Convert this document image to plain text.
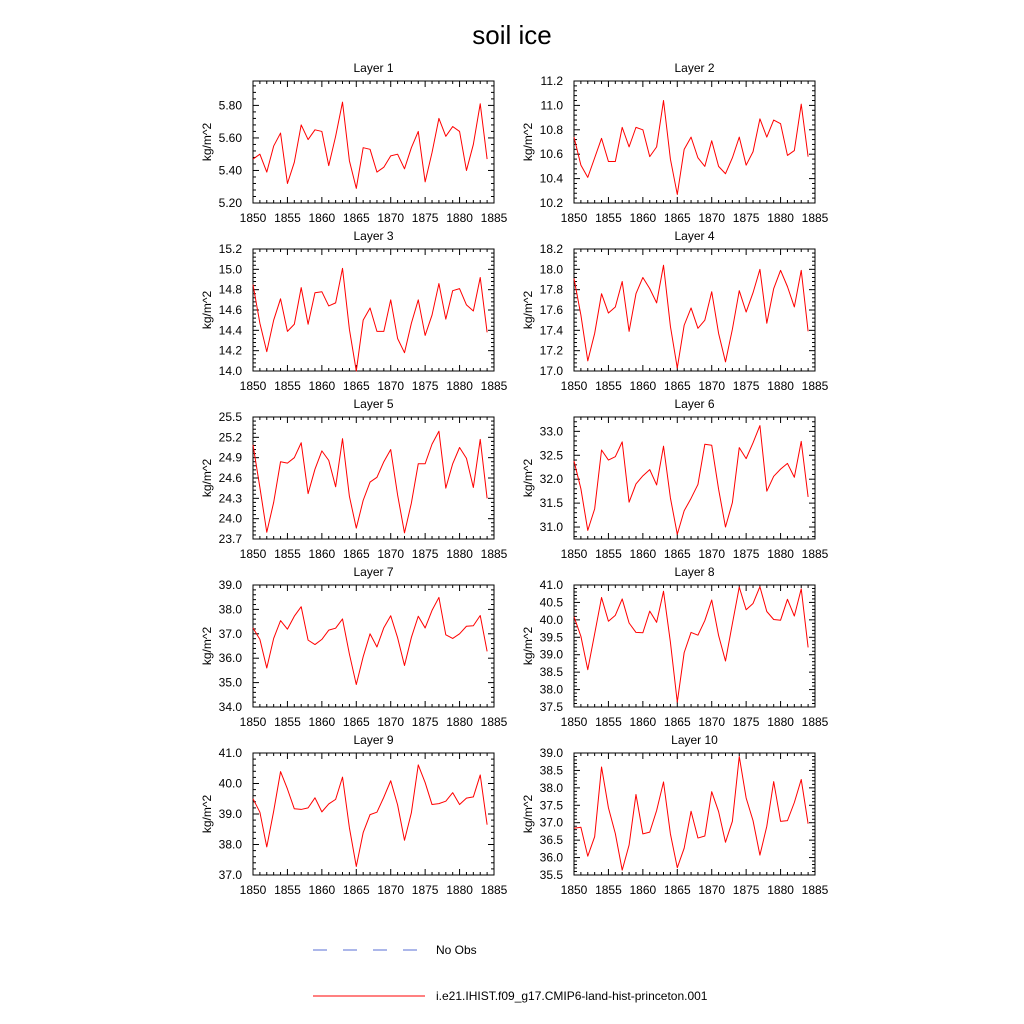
soil ice
Layer 1
kg/m^2
1850 1855 1860 1865 1870 1875 1880 1885
5.20
5.40
5.60
5.80
Layer 2
kg/m^2
1850 1855 1860 1865 1870 1875 1880 1885
10.2
10.4
10.6
10.8
11.0
11.2
Layer 3
kg/m^2
1850 1855 1860 1865 1870 1875 1880 1885
14.0
14.2
14.4
14.6
14.8
15.0
15.2
Layer 4
kg/m^2
1850 1855 1860 1865 1870 1875 1880 1885
17.0
17.2
17.4
17.6
17.8
18.0
18.2
Layer 5
kg/m^2
1850 1855 1860 1865 1870 1875 1880 1885
23.7
24.0
24.3
24.6
24.9
25.2
25.5
Layer 6
kg/m^2
1850 1855 1860 1865 1870 1875 1880 1885
31.0
31.5
32.0
32.5
33.0
Layer 7
kg/m^2
1850 1855 1860 1865 1870 1875 1880 1885
34.0
35.0
36.0
37.0
38.0
39.0
Layer 8
kg/m^2
1850 1855 1860 1865 1870 1875 1880 1885
37.5
38.0
38.5
39.0
39.5
40.0
40.5
41.0
Layer 9
kg/m^2
1850 1855 1860 1865 1870 1875 1880 1885
37.0
38.0
39.0
40.0
41.0
Layer 10
kg/m^2
1850 1855 1860 1865 1870 1875 1880 1885
35.5
36.0
36.5
37.0
37.5
38.0
38.5
39.0
No Obs
i.e21.IHIST.f09_g17.CMIP6-land-hist-princeton.001
